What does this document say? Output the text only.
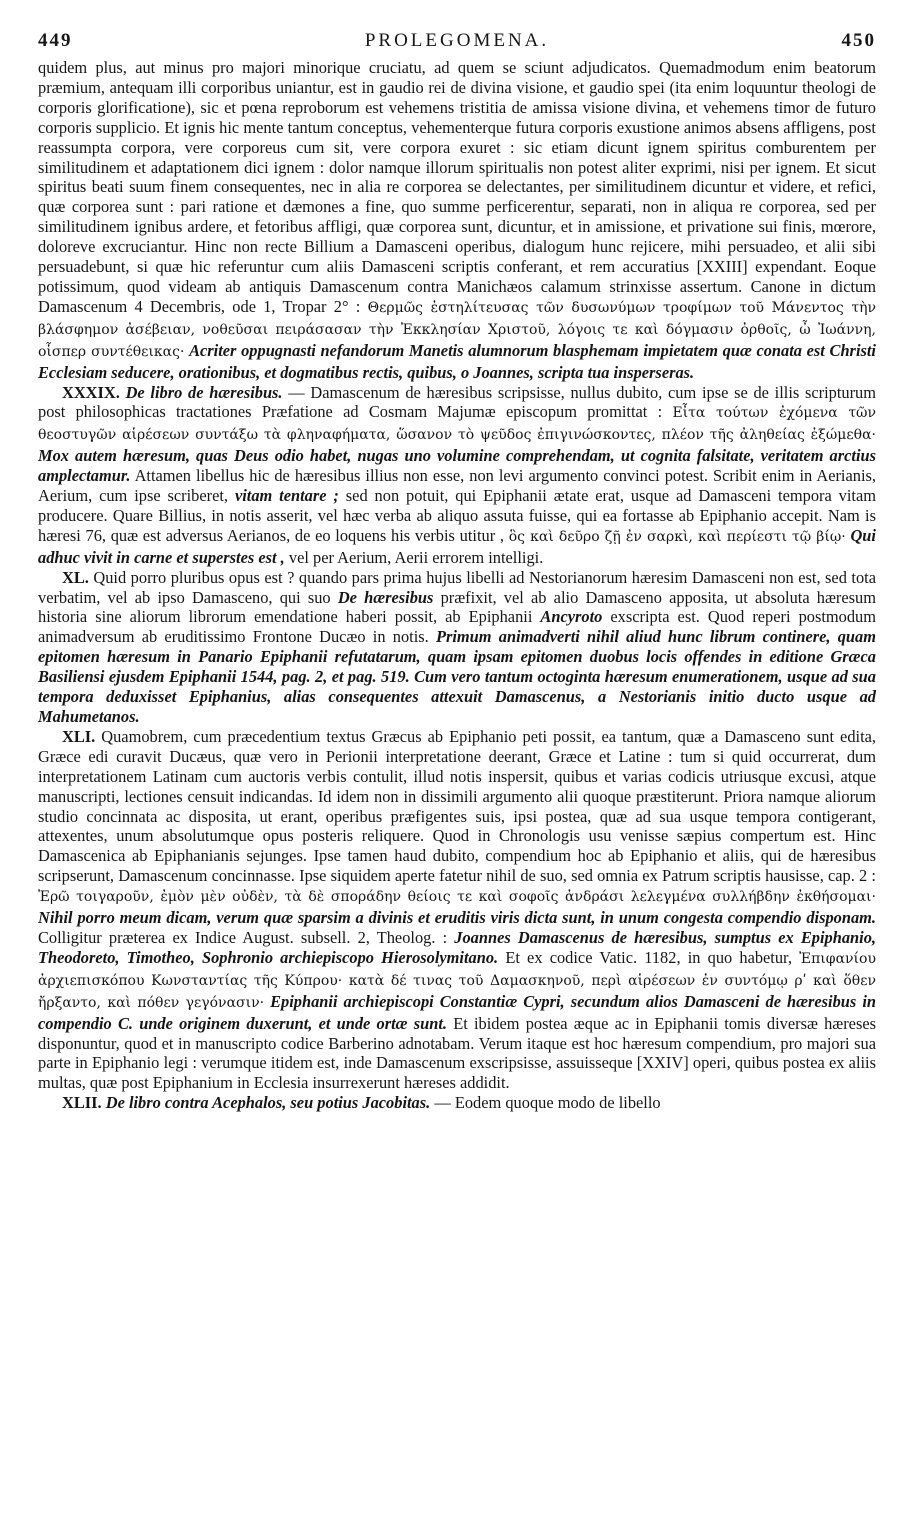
449	PROLEGOMENA.	450

quidem plus, aut minus pro majori minorique cruciatu, ad quem se sciunt adjudicatos. Quemadmodum enim beatorum præmium, antequam illi corporibus uniantur, est in gaudio rei de divina visione, et gaudio spei (ita enim loquuntur theologi de corporis glorificatione), sic et pœna reproborum est vehemens tristitia de amissa visione divina, et vehemens timor de futuro corporis supplicio. Et ignis hic mente tantum conceptus, vehementerque futura corporis exustione animos absens affligens, post reassumpta corpora, vere corporeus cum sit, vere corpora exuret : sic etiam dicunt ignem spiritus comburentem per similitudinem et adaptationem dici ignem : dolor namque illorum spiritualis non potest aliter exprimi, nisi per ignem. Et sicut spiritus beati suum finem consequentes, nec in alia re corporea se delectantes, per similitudinem dicuntur et videre, et refici, quæ corporea sunt : pari ratione et dæmones a fine, quo summe perficerentur, separati, non in aliqua re corporea, sed per similitudinem ignibus ardere, et fetoribus affligi, quæ corporea sunt, dicuntur, et in amissione, et privatione sui finis, mœrore, doloreve excruciantur. Hinc non recte Billium a Damasceni operibus, dialogum hunc rejicere, mihi persuadeo, et alii sibi persuadebunt, si quæ hic referuntur cum aliis Damasceni scriptis conferant, et rem accuratius [XXIII] expendant. Eoque potissimum, quod videam ab antiquis Damascenum contra Manichæos calamum strinxisse assertum. Canone in dictum Damascenum 4 Decembris, ode 1, Tropar 2° : Θερμῶς ἐστηλίτευσας τῶν δυσωνύμων τροφίμων τοῦ Μάνεντος τὴν βλάσφημον ἀσέβειαν, νοθεῦσαι πειράσασαν τὴν Ἐκκλησίαν Χριστοῦ, λόγοις τε καὶ δόγμασιν ὀρθοῖς, ὦ Ἰωάννη, οἷσπερ συντέθεικας· Acriter oppugnasti nefandorum Manetis alumnorum blasphemam impietatem quæ conata est Christi Ecclesiam seducere, orationibus, et dogmatibus rectis, quibus, o Joannes, scripta tua insperseras.

XXXIX. De libro de hæresibus. — Damascenum de hæresibus scripsisse, nullus dubito, cum ipse se de illis scripturum post philosophicas tractationes Præfatione ad Cosmam Majumæ episcopum promittat : Εἶτα τούτων ἐχόμενα τῶν θεοστυγῶν αἱρέσεων συντάξω τὰ φληναφήματα, ὥσανον τὸ ψεῦδος ἐπιγινώσκοντες, πλέον τῆς ἀληθείας ἐξώμεθα· Mox autem hæresum, quas Deus odio habet, nugas uno volumine comprehendam, ut cognita falsitate, veritatem arctius amplectamur. Attamen libellus hic de hæresibus illius non esse, non levi argumento convinci potest. Scribit enim in Aerianis, Aerium, cum ipse scriberet, vitam tentare ; sed non potuit, qui Epiphanii ætate erat, usque ad Damasceni tempora vitam producere. Quare Billius, in notis asserit, vel hæc verba ab aliquo assuta fuisse, qui ea fortasse ab Epiphanio accepit. Nam is hæresi 76, quæ est adversus Aerianos, de eo loquens his verbis utitur , ὃς καὶ δεῦρο ζῇ ἐν σαρκὶ, καὶ περίεστι τῷ βίῳ· Qui adhuc vivit in carne et superstes est , vel per Aerium, Aerii errorem intelligi.

XL. Quid porro pluribus opus est ? quando pars prima hujus libelli ad Nestorianorum hæresim Damasceni non est, sed tota verbatim, vel ab ipso Damasceno, qui suo De hæresibus præfixit, vel ab alio Damasceno apposita, ut absoluta hæresum historia sine aliorum librorum emendatione haberi possit, ab Epiphanii Ancyroto exscripta est. Quod reperi postmodum animadversum ab eruditissimo Frontone Ducæo in notis. Primum animadverti nihil aliud hunc librum continere, quam epitomen hæresum in Panario Epiphanii refutatarum, quam ipsam epitomen duobus locis offendes in editione Græca Basiliensi ejusdem Epiphanii 1544, pag. 2, et pag. 519. Cum vero tantum octoginta hæresum enumerationem, usque ad sua tempora deduxisset Epiphanius, alias consequentes attexuit Damascenus, a Nestorianis initio ducto usque ad Mahumetanos.

XLI. Quamobrem, cum præcedentium textus Græcus ab Epiphanio peti possit, ea tantum, quæ a Damasceno sunt edita, Græce edi curavit Ducæus, quæ vero in Perionii interpretatione deerant, Græce et Latine : tum si quid occurrerat, dum interpretationem Latinam cum auctoris verbis contulit, illud notis inspersit, quibus et varias codicis utriusque excusi, atque manuscripti, lectiones censuit indicandas. Id idem non in dissimili argumento alii quoque præstiterunt. Priora namque aliorum studio concinnata ac disposita, ut erant, operibus præfigentes suis, ipsi postea, quæ ad sua usque tempora contigerant, attexentes, unum absolutumque opus posteris reliquere. Quod in Chronologis usu venisse sæpius compertum est. Hinc Damascenica ab Epiphanianis sejunges. Ipse tamen haud dubito, compendium hoc ab Epiphanio et aliis, qui de hæresibus scripserunt, Damascenum concinnasse. Ipse siquidem aperte fatetur nihil de suo, sed omnia ex Patrum scriptis hausisse, cap. 2 : Ἐρῶ τοιγαροῦν, ἐμὸν μὲν οὐδὲν, τὰ δὲ σποράδην θείοις τε καὶ σοφοῖς ἀνδράσι λελεγμένα συλλήβδην ἐκθήσομαι· Nihil porro meum dicam, verum quæ sparsim a divinis et eruditis viris dicta sunt, in unum congesta compendio disponam. Colligitur præterea ex Indice August. subsell. 2, Theolog. : Joannes Damascenus de hæresibus, sumptus ex Epiphanio, Theodoreto, Timotheo, Sophronio archiepiscopo Hierosolymitano. Et ex codice Vatic. 1182, in quo habetur, Ἐπιφανίου ἀρχιεπισκόπου Κωνσταντίας τῆς Κύπρου· κατὰ δέ τινας τοῦ Δαμασκηνοῦ, περὶ αἱρέσεων ἐν συντόμῳ ρʹ καὶ ὅθεν ἤρξαντο, καὶ πόθεν γεγόνασιν· Epiphanii archiepiscopi Constantiæ Cypri, secundum alios Damasceni de hæresibus in compendio C. unde originem duxerunt, et unde ortæ sunt. Et ibidem postea æque ac in Epiphanii tomis diversæ hæreses disponuntur, quod et in manuscripto codice Barberino adnotabam. Verum itaque est hoc hæresum compendium, pro majori sua parte in Epiphanio legi : verumque itidem est, inde Damascenum exscripsisse, assuisseque [XXIV] operi, quibus postea ex aliis multas, quæ post Epiphanium in Ecclesia insurrexerunt hæreses addidit.

XLII. De libro contra Acephalos, seu potius Jacobitas. — Eodem quoque modo de libello
